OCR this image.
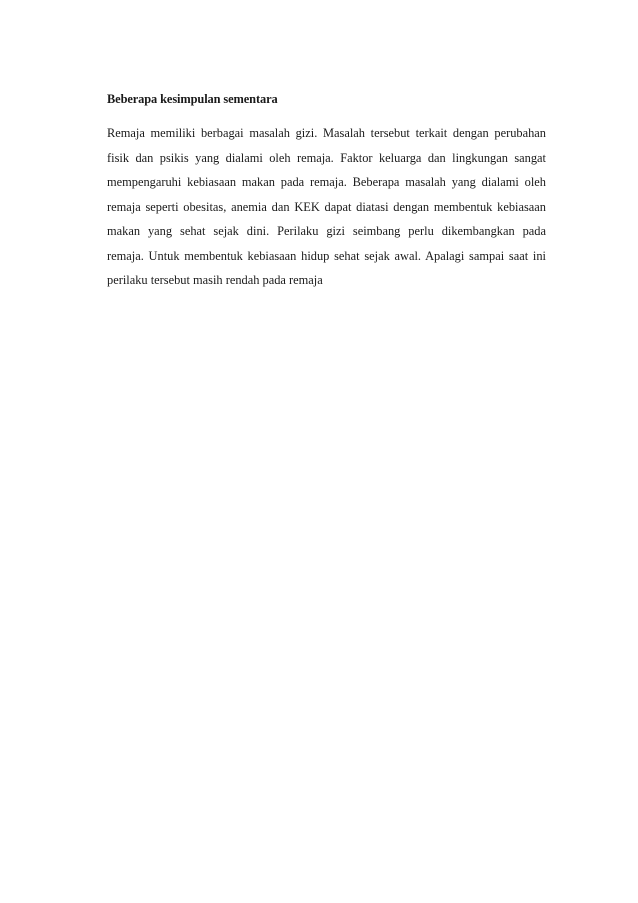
Beberapa kesimpulan sementara

Remaja memiliki berbagai masalah gizi. Masalah tersebut terkait dengan perubahan
fisik dan psikis yang dialami oleh remaja. Faktor keluarga dan lingkungan sangat
mempengaruhi kebiasaan makan pada remaja. Beberapa masalah yang dialami oleh
remaja seperti obesitas, anemia dan KEK dapat diatasi dengan membentuk kebiasaan
makan yang sehat sejak dini. Perilaku gizi seimbang perlu dikembangkan pada
remaja. Untuk membentuk kebiasaan hidup sehat sejak awal. Apalagi sampai saat ini
perilaku tersebut masih rendah pada remaja
